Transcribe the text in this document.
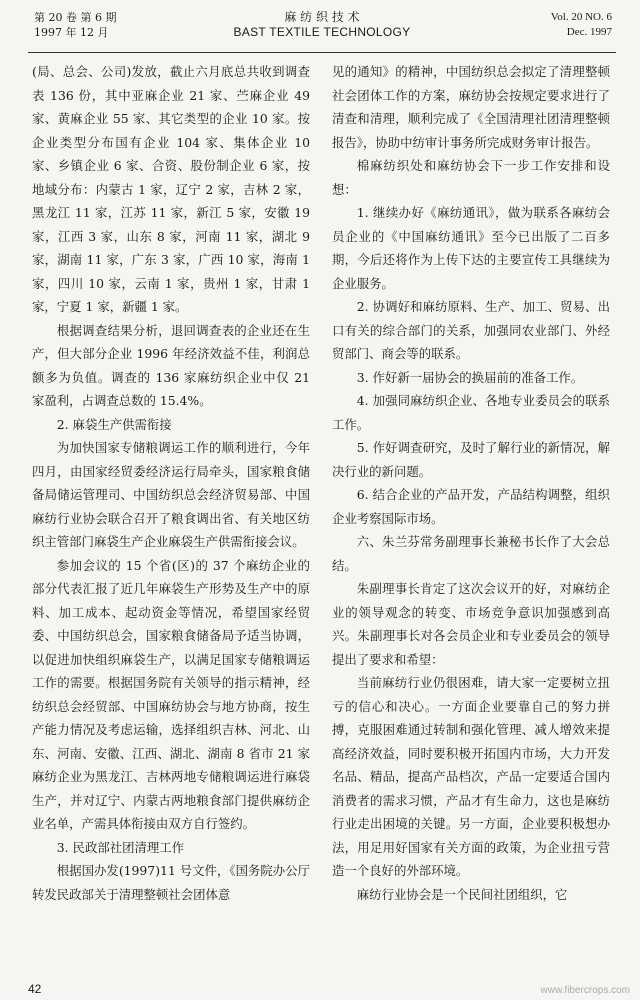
第 20 卷 第 6 期
1997 年 12 月
麻 纺 织 技 术
BAST TEXTILE TECHNOLOGY
Vol. 20 NO. 6
Dec. 1997

(局、总会、公司)发放，截止六月底总共收到调查表 136 份，其中亚麻企业 21 家、苎麻企业 49 家、黄麻企业 55 家、其它类型的企业 10 家。按企业类型分布国有企业 104 家、集体企业 10 家、乡镇企业 6 家、合资、股份制企业 6 家，按地域分布：内蒙古 1 家，辽宁 2 家，吉林 2 家，黑龙江 11 家，江苏 11 家，新江 5 家，安徽 19 家，江西 3 家，山东 8 家，河南 11 家，湖北 9 家，湖南 11 家，广东 3 家，广西 10 家，海南 1 家，四川 10 家，云南 1 家，贵州 1 家，甘肃 1 家，宁夏 1 家，新疆 1 家。

根据调查结果分析，退回调查表的企业还在生产，但大部分企业 1996 年经济效益不佳，利润总额多为负值。调查的 136 家麻纺织企业中仅 21 家盈利，占调查总数的 15.4%。

2. 麻袋生产供需衔接

为加快国家专储粮调运工作的顺利进行，今年四月，由国家经贸委经济运行局牵头，国家粮食储备局储运管理司、中国纺织总会经济贸易部、中国麻纺行业协会联合召开了粮食调出省、有关地区纺织主管部门麻袋生产企业麻袋生产供需衔接会议。

参加会议的 15 个省(区)的 37 个麻纺企业的部分代表汇报了近几年麻袋生产形势及生产中的原料、加工成本、起动资金等情况，希望国家经贸委、中国纺织总会，国家粮食储备局予适当协调，以促进加快组织麻袋生产，以满足国家专储粮调运工作的需要。根据国务院有关领导的指示精神，经纺织总会经贸部、中国麻纺协会与地方协商，按生产能力情况及考虑运输，选择组织吉林、河北、山东、河南、安徽、江西、湖北、湖南 8 省市 21 家麻纺企业为黑龙江、吉林两地专储粮调运进行麻袋生产，并对辽宁、内蒙古两地粮食部门提供麻纺企业名单，产需具体衔接由双方自行签约。

3. 民政部社团清理工作

根据国办发(1997)11 号文件，《国务院办公厅转发民政部关于清理整顿社会团体意

见的通知》的精神，中国纺织总会拟定了清理整顿社会团体工作的方案，麻纺协会按规定要求进行了清查和清理，顺利完成了《全国清理社团清理整顿报告》，协助中纺审计事务所完成财务审计报告。

棉麻纺织处和麻纺协会下一步工作安排和设想：

1. 继续办好《麻纺通讯》，做为联系各麻纺会员企业的《中国麻纺通讯》至今已出版了二百多期，今后还将作为上传下达的主要宣传工具继续为企业服务。

2. 协调好和麻纺原料、生产、加工、贸易、出口有关的综合部门的关系，加强同农业部门、外经贸部门、商会等的联系。

3. 作好新一届协会的换届前的准备工作。

4. 加强同麻纺织企业、各地专业委员会的联系工作。

5. 作好调查研究，及时了解行业的新情况，解决行业的新问题。

6. 结合企业的产品开发，产品结构调整，组织企业考察国际市场。

六、朱兰芬常务副理事长兼秘书长作了大会总结。

朱副理事长肯定了这次会议开的好，对麻纺企业的领导观念的转变、市场竞争意识加强感到高兴。朱副理事长对各会员企业和专业委员会的领导提出了要求和希望：

当前麻纺行业仍很困难，请大家一定要树立扭亏的信心和决心。一方面企业要靠自己的努力拼搏，克服困难通过转制和强化管理、减人增效来提高经济效益，同时要积极开拓国内市场，大力开发名品、精品，提高产品档次，产品一定要适合国内消费者的需求习惯，产品才有生命力，这也是麻纺行业走出困境的关键。另一方面，企业要积极想办法，用足用好国家有关方面的政策，为企业扭亏营造一个良好的外部环境。

麻纺行业协会是一个民间社团组织，它

42	www.fibercrops.com
